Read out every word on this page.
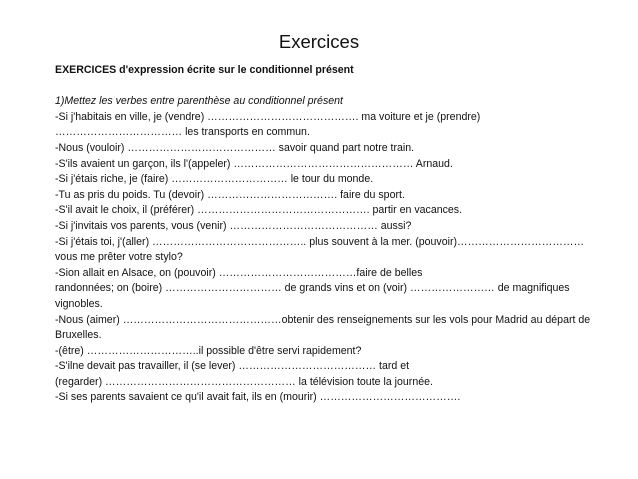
Exercices

EXERCICES d'expression écrite sur le conditionnel présent

1)Mettez les verbes entre parenthèse au conditionnel présent

-Si j'habitais en ville, je (vendre) ……………………………………. ma voiture et je (prendre)

……………………………… les transports en commun.

-Nous (vouloir) …………………………………… savoir quand part notre train.

-S'ils avaient un garçon, ils l'(appeler) …………………………………………… Arnaud.

-Si j'étais riche, je (faire) …………………………… le tour du monde.

-Tu as pris du poids. Tu (devoir) ………………………………. faire du sport.

-S'il avait le choix, il (préférer) …………………………………………. partir en vacances.

-Si j'invitais vos parents, vous (venir) …………………………………… aussi?

-Si j'étais toi, j'(aller) …………………………………….. plus souvent à la mer. (pouvoir)………………………………

vous me prêter votre stylo?

-Sion allait en Alsace, on (pouvoir) …………………………………faire de belles

randonnées; on (boire) …………………………… de grands vins et on (voir) …………………… de magnifiques

vignobles.

-Nous (aimer) ………………………………………obtenir des renseignements sur les vols pour Madrid au départ de

Bruxelles.

-(être) …………………………..il possible d'être servi rapidement?

-S'ilne devait pas travailler, il (se lever) ………………………………… tard et

(regarder) ……………………………………………… la télévision toute la journée.

-Si ses parents savaient ce qu'il avait fait, ils en (mourir) ………………………………….
